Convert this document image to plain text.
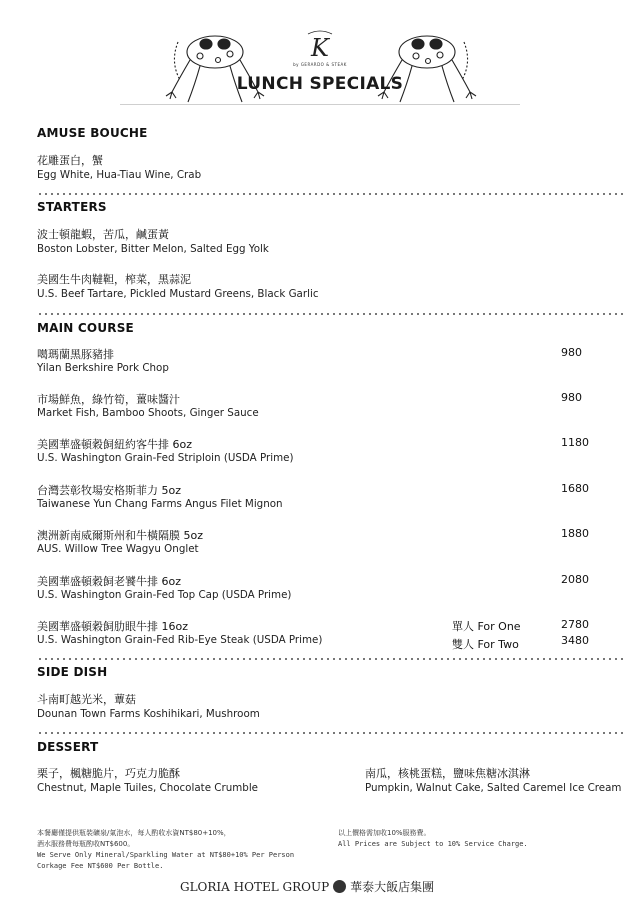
K
by GERARDO & STEAK
LUNCH SPECIALS
AMUSE BOUCHE
花雕蛋白，蟹
Egg White, Hua-Tiau Wine, Crab
STARTERS
波士頓龍蝦，苦瓜，鹹蛋黃
Boston Lobster, Bitter Melon, Salted Egg Yolk
美國生牛肉韃靼，榨菜，黑蒜泥
U.S. Beef Tartare, Pickled Mustard Greens, Black Garlic
MAIN COURSE
噶瑪蘭黑豚豬排
Yilan Berkshire Pork Chop
980
市場鮮魚，綠竹筍，薑味醬汁
Market Fish, Bamboo Shoots, Ginger Sauce
980
美國華盛頓穀飼紐約客牛排 6oz
U.S. Washington Grain-Fed Striploin (USDA Prime)
1180
台灣芸彰牧場安格斯菲力 5oz
Taiwanese Yun Chang Farms Angus Filet Mignon
1680
澳洲新南威爾斯州和牛橫隔膜 5oz
AUS. Willow Tree Wagyu Onglet
1880
美國華盛頓穀飼老饕牛排 6oz
U.S. Washington Grain-Fed Top Cap (USDA Prime)
2080
美國華盛頓穀飼肋眼牛排 16oz
U.S. Washington Grain-Fed Rib-Eye Steak (USDA Prime)
單人 For One	2780
雙人 For Two	3480
SIDE DISH
斗南町越光米，蕈菇
Dounan Town Farms Koshihikari, Mushroom
DESSERT
栗子，楓糖脆片，巧克力脆酥
Chestnut, Maple Tuiles, Chocolate Crumble
南瓜，核桃蛋糕，鹽味焦糖冰淇淋
Pumpkin, Walnut Cake, Salted Caremel Ice Cream
本餐廳僅提供瓶裝礦泉/氣泡水，每人酌收水資NT$80+10%，
酒水服務費每瓶酌收NT$600。
We Serve Only Mineral/Sparkling Water at NT$80+10% Per Person
Corkage Fee NT$600 Per Bottle.
以上價格需加收10%服務費。
All Prices are Subject to 10% Service Charge.
GLORIA HOTEL GROUP 華泰大飯店集團
